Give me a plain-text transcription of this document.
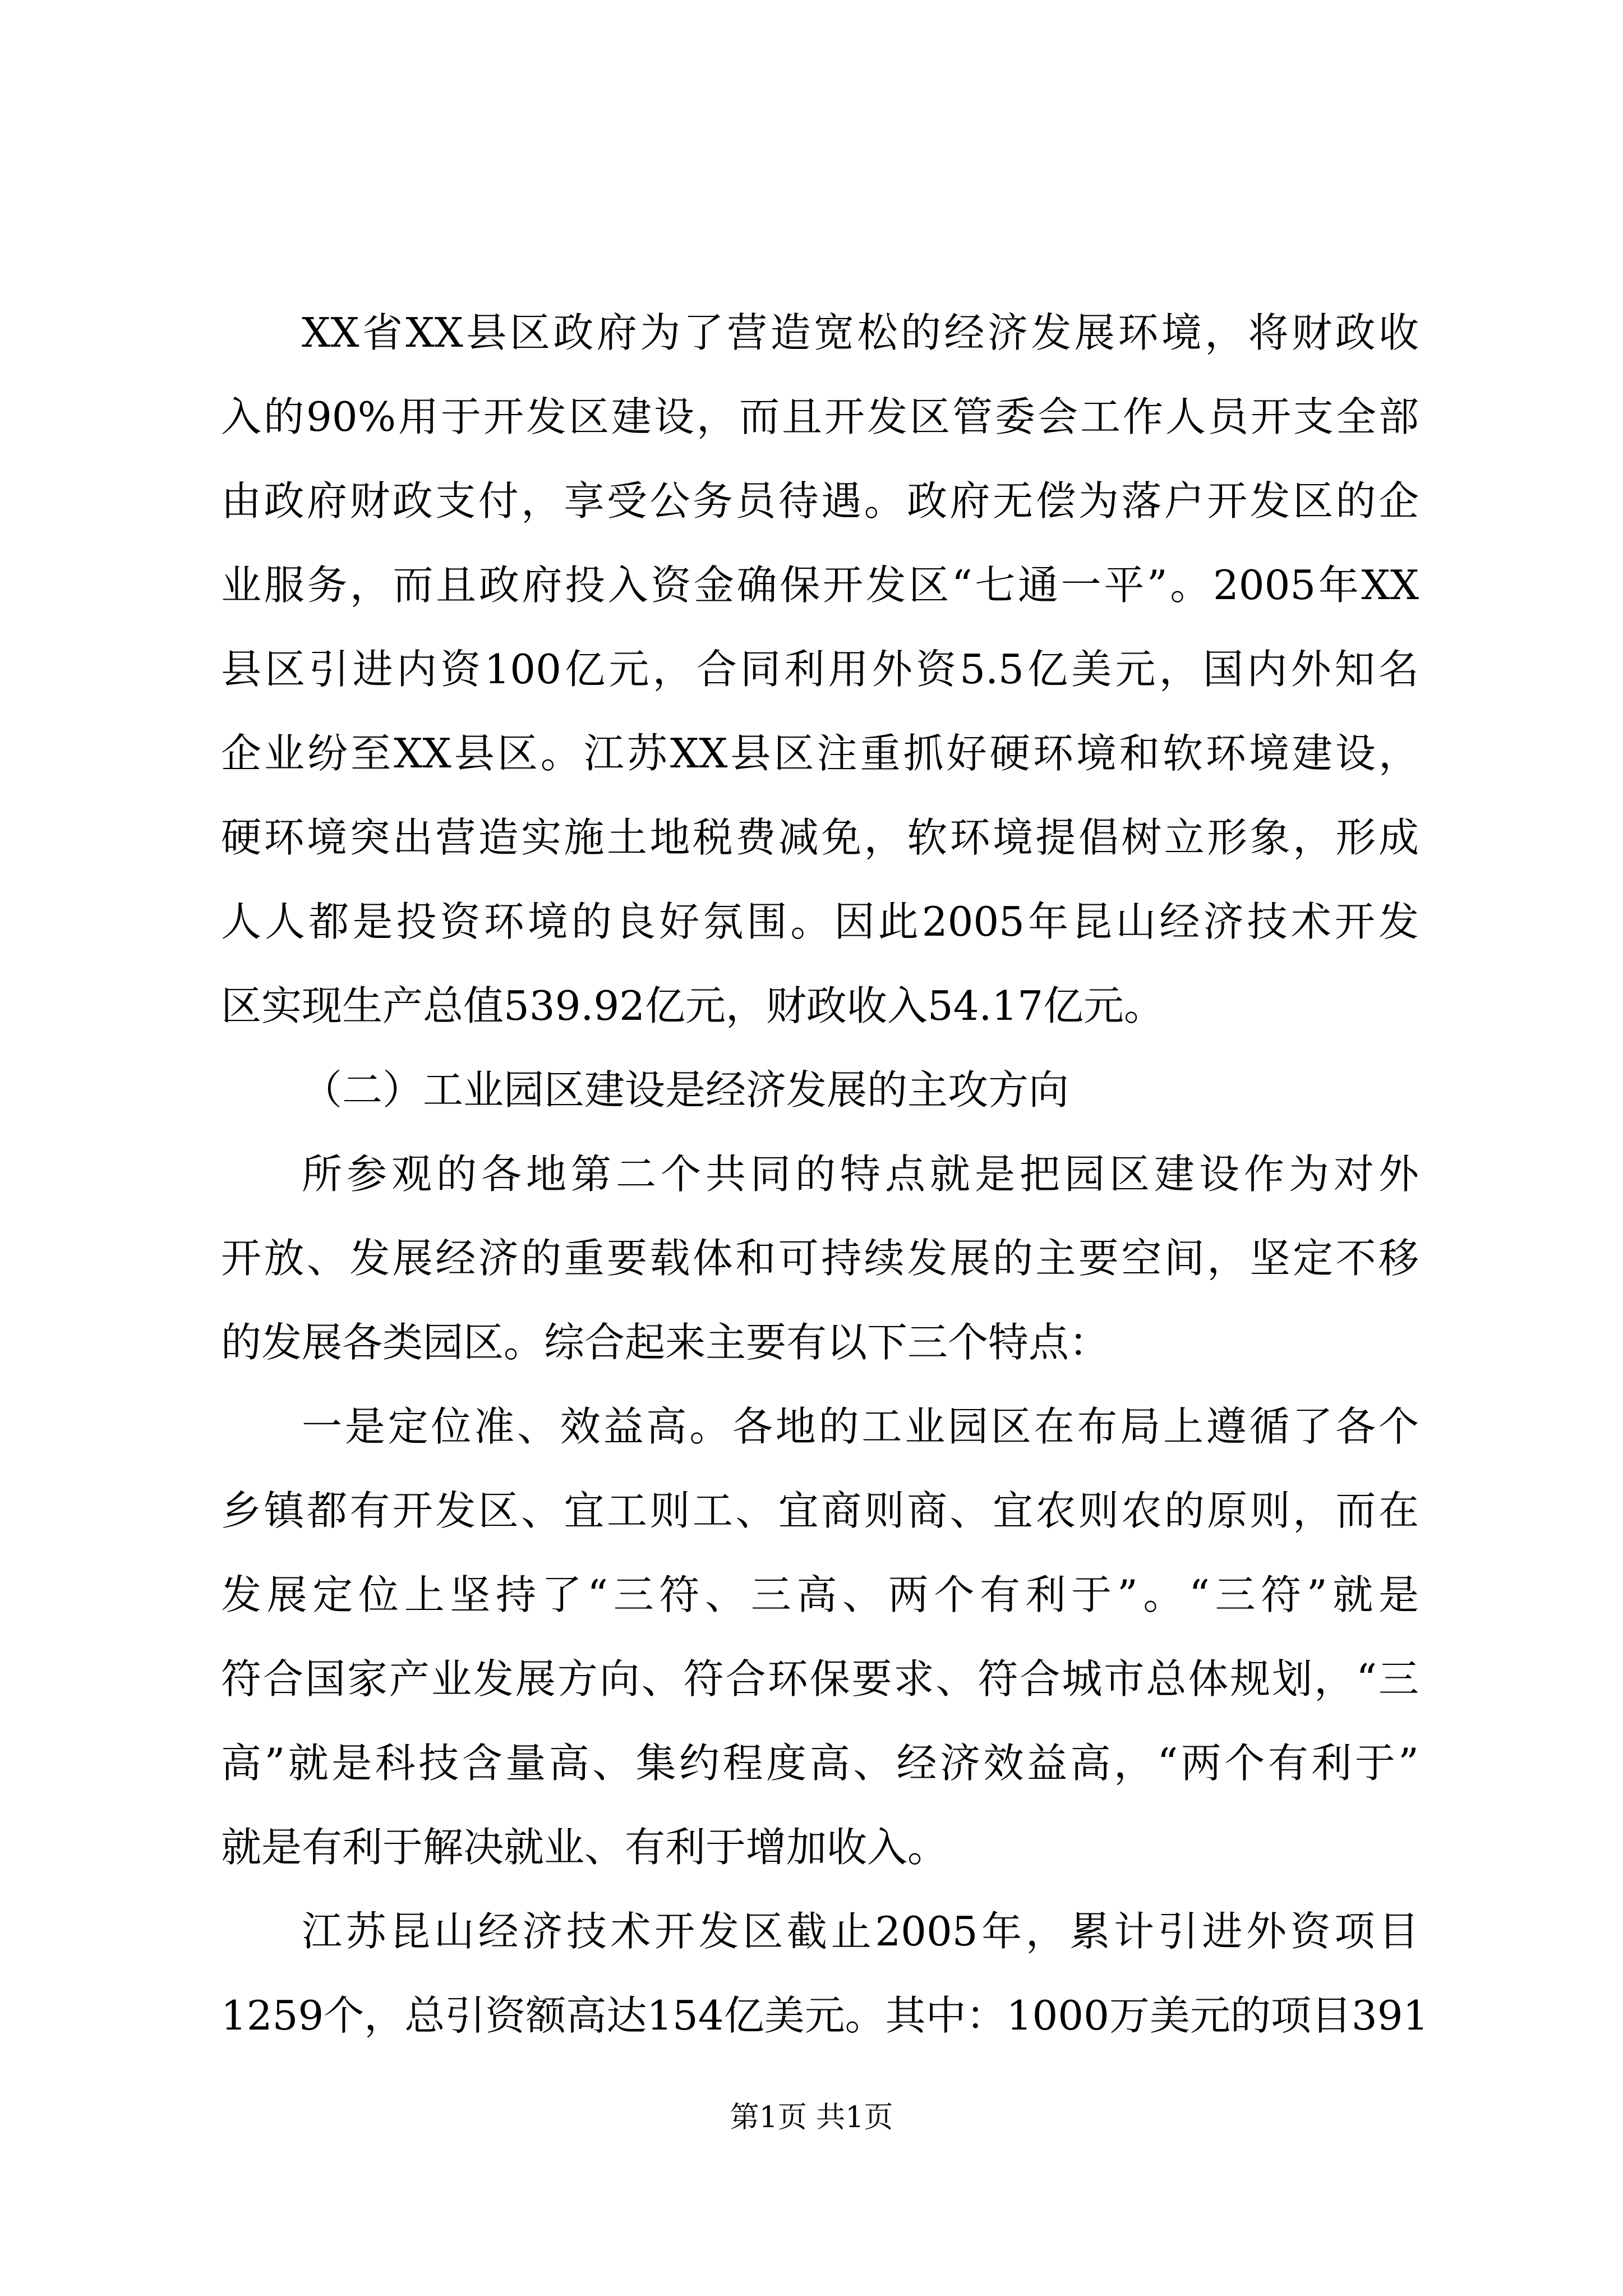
XX省XX县区政府为了营造宽松的经济发展环境，将财政收
入的90%用于开发区建设，而且开发区管委会工作人员开支全部
由政府财政支付，享受公务员待遇。政府无偿为落户开发区的企
业服务，而且政府投入资金确保开发区“七通一平”。2005年XX
县区引进内资100亿元，合同利用外资5.5亿美元，国内外知名
企业纷至XX县区。江苏XX县区注重抓好硬环境和软环境建设，
硬环境突出营造实施土地税费减免，软环境提倡树立形象，形成
人人都是投资环境的良好氛围。因此2005年昆山经济技术开发
区实现生产总值539.92亿元，财政收入54.17亿元。
（二）工业园区建设是经济发展的主攻方向
所参观的各地第二个共同的特点就是把园区建设作为对外
开放、发展经济的重要载体和可持续发展的主要空间，坚定不移
的发展各类园区。综合起来主要有以下三个特点：
一是定位准、效益高。各地的工业园区在布局上遵循了各个
乡镇都有开发区、宜工则工、宜商则商、宜农则农的原则，而在
发展定位上坚持了“三符、三高、两个有利于”。“三符”就是
符合国家产业发展方向、符合环保要求、符合城市总体规划，“三
高”就是科技含量高、集约程度高、经济效益高，“两个有利于”
就是有利于解决就业、有利于增加收入。
江苏昆山经济技术开发区截止2005年，累计引进外资项目
1259个，总引资额高达154亿美元。其中：1000万美元的项目391
第1页 共1页
